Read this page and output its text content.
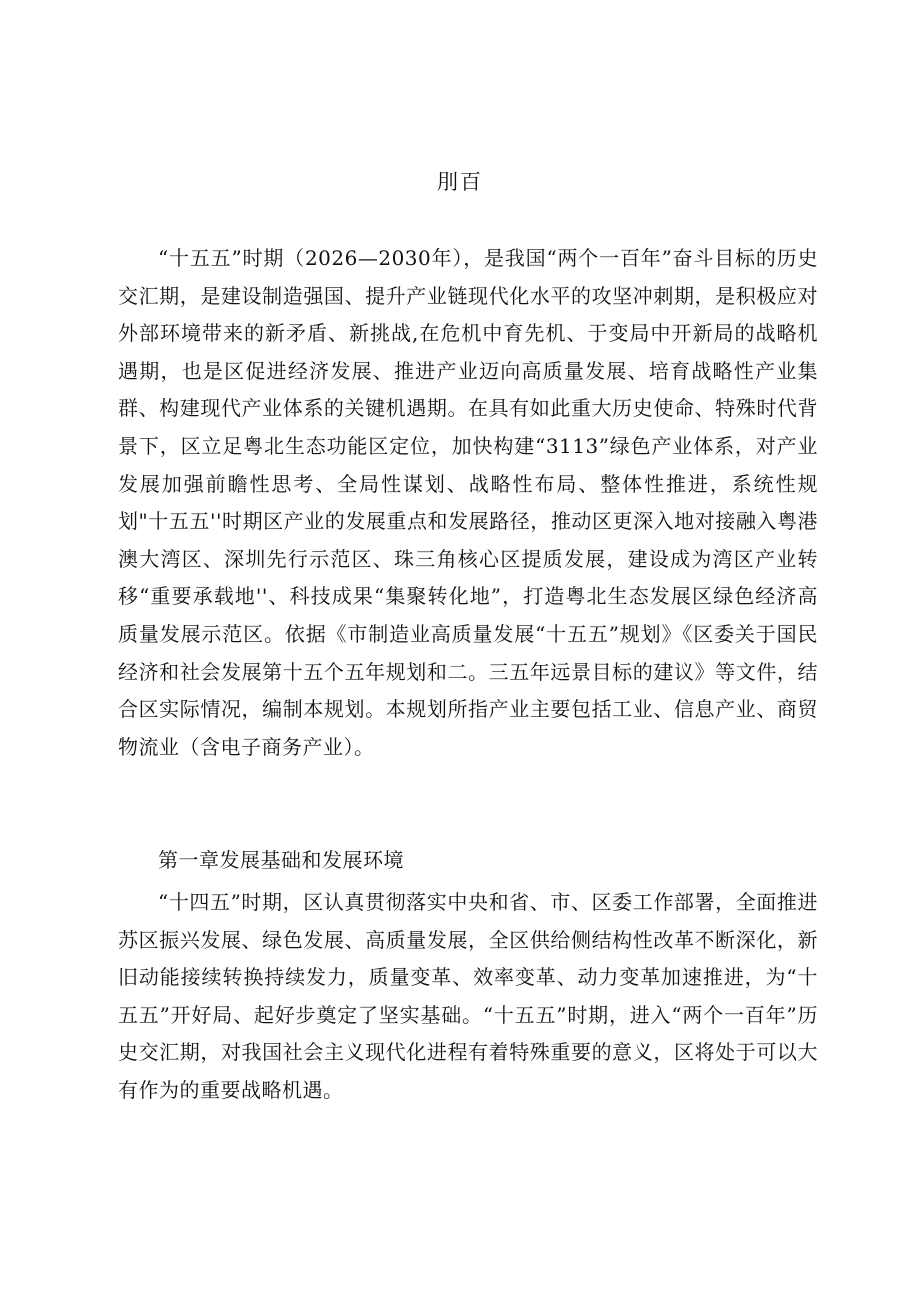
刖百

“十五五”时期（2026—2030年），是我国“两个一百年”奋斗目标的历史交汇期，是建设制造强国、提升产业链现代化水平的攻坚冲刺期，是积极应对外部环境带来的新矛盾、新挑战,在危机中育先机、于变局中开新局的战略机遇期，也是区促进经济发展、推进产业迈向高质量发展、培育战略性产业集群、构建现代产业体系的关键机遇期。在具有如此重大历史使命、特殊时代背景下，区立足粤北生态功能区定位，加快构建“3113”绿色产业体系，对产业发展加强前瞻性思考、全局性谋划、战略性布局、整体性推进，系统性规划"十五五''时期区产业的发展重点和发展路径，推动区更深入地对接融入粤港澳大湾区、深圳先行示范区、珠三角核心区提质发展，建设成为湾区产业转移“重要承载地''、科技成果“集聚转化地”，打造粤北生态发展区绿色经济高质量发展示范区。依据《市制造业高质量发展“十五五”规划》《区委关于国民经济和社会发展第十五个五年规划和二。三五年远景目标的建议》等文件，结合区实际情况，编制本规划。本规划所指产业主要包括工业、信息产业、商贸物流业（含电子商务产业）。

第一章发展基础和发展环境

“十四五”时期，区认真贯彻落实中央和省、市、区委工作部署，全面推进苏区振兴发展、绿色发展、高质量发展，全区供给侧结构性改革不断深化，新旧动能接续转换持续发力，质量变革、效率变革、动力变革加速推进，为“十五五”开好局、起好步奠定了坚实基础。“十五五”时期，进入“两个一百年”历史交汇期，对我国社会主义现代化进程有着特殊重要的意义，区将处于可以大有作为的重要战略机遇。
